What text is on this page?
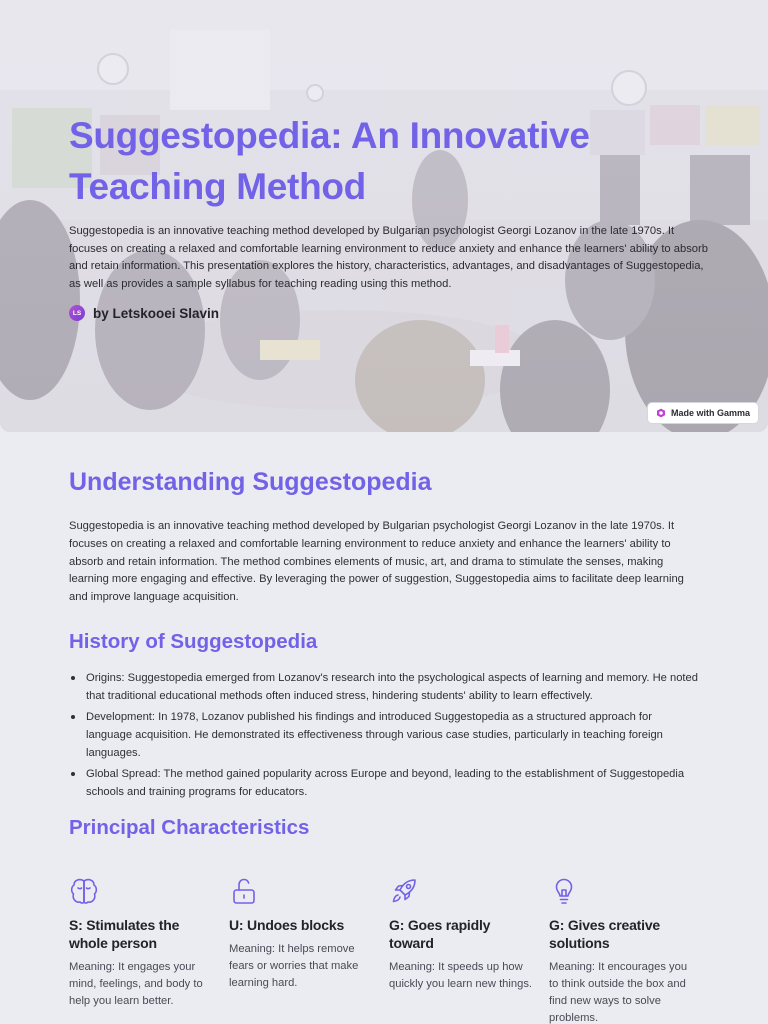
Suggestopedia: An Innovative Teaching Method

Suggestopedia is an innovative teaching method developed by Bulgarian psychologist Georgi Lozanov in the late 1970s. It focuses on creating a relaxed and comfortable learning environment to reduce anxiety and enhance the learners' ability to absorb and retain information. This presentation explores the history, characteristics, advantages, and disadvantages of Suggestopedia, as well as provides a sample syllabus for teaching reading using this method.

LS by Letskooei Slavin
Made with Gamma
Understanding Suggestopedia

Suggestopedia is an innovative teaching method developed by Bulgarian psychologist Georgi Lozanov in the late 1970s. It focuses on creating a relaxed and comfortable learning environment to reduce anxiety and enhance the learners' ability to absorb and retain information. The method combines elements of music, art, and drama to stimulate the senses, making learning more engaging and effective. By leveraging the power of suggestion, Suggestopedia aims to facilitate deep learning and improve language acquisition.

History of Suggestopedia
Origins: Suggestopedia emerged from Lozanov's research into the psychological aspects of learning and memory. He noted that traditional educational methods often induced stress, hindering students' ability to learn effectively.
Development: In 1978, Lozanov published his findings and introduced Suggestopedia as a structured approach for language acquisition. He demonstrated its effectiveness through various case studies, particularly in teaching foreign languages.
Global Spread: The method gained popularity across Europe and beyond, leading to the establishment of Suggestopedia schools and training programs for educators.
Principal Characteristics
S: Stimulates the whole person
Meaning: It engages your mind, feelings, and body to help you learn better.
U: Undoes blocks
Meaning: It helps remove fears or worries that make learning hard.
G: Goes rapidly toward
Meaning: It speeds up how quickly you learn new things.
G: Gives creative solutions
Meaning: It encourages you to think outside the box and find new ways to solve problems.
